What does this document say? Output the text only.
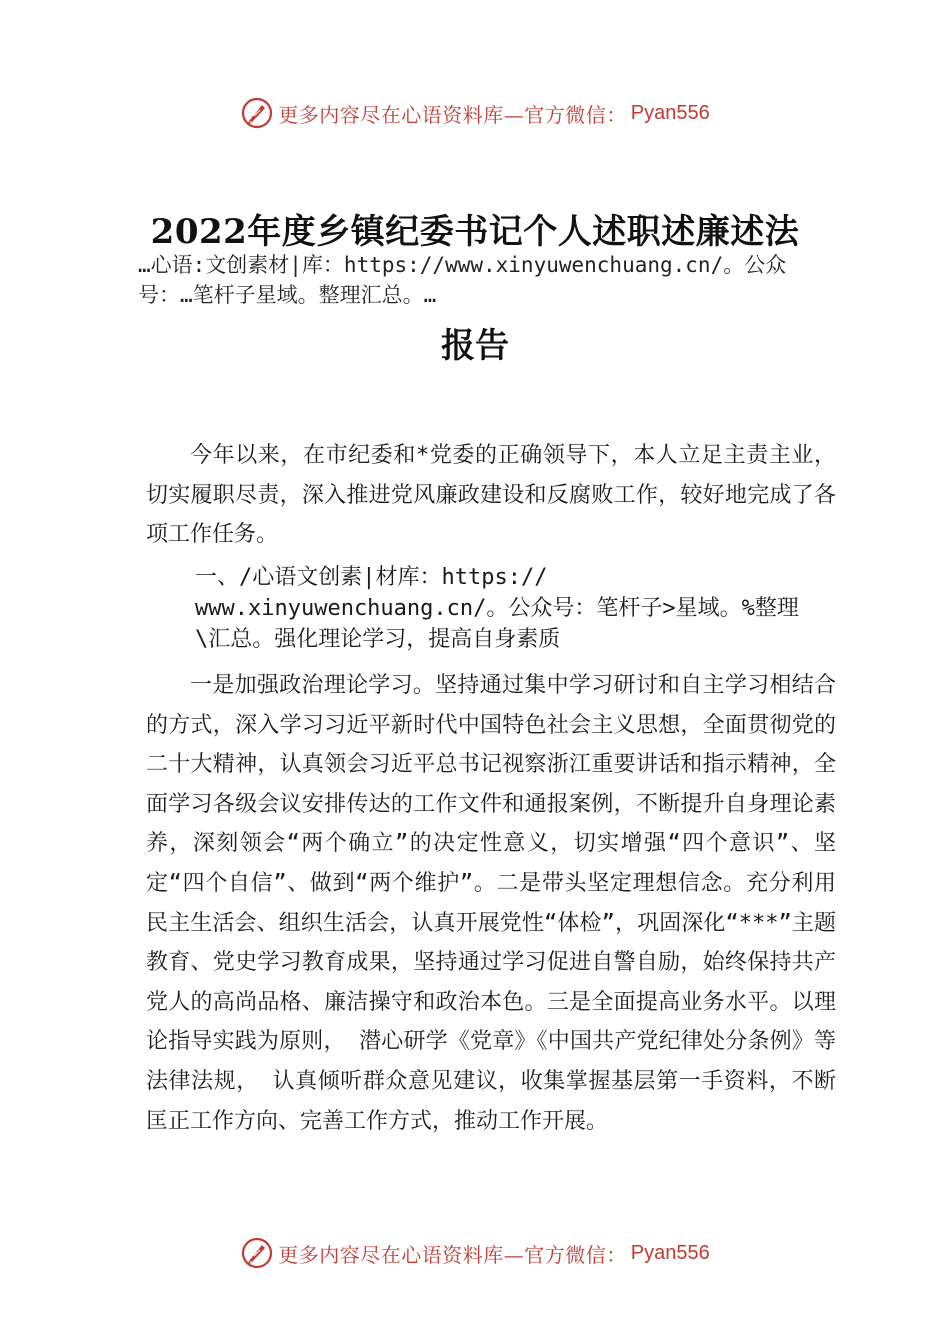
更多内容尽在心语资料库—官方微信： Pyan556
2022年度乡镇纪委书记个人述职述廉述法
…心语:文创素材|库：https://www.xinyuwenchuang.cn/。公众号：…笔杆子星域。整理汇总。…
报告

今年以来，在市纪委和*党委的正确领导下，本人立足主责主业，切实履职尽责，深入推进党风廉政建设和反腐败工作，较好地完成了各项工作任务。

一、/心语文创素|材库：https://
www.xinyuwenchuang.cn/。公众号：笔杆子>星域。%整理
\汇总。强化理论学习，提高自身素质

一是加强政治理论学习。坚持通过集中学习研讨和自主学习相结合的方式，深入学习习近平新时代中国特色社会主义思想，全面贯彻党的二十大精神，认真领会习近平总书记视察浙江重要讲话和指示精神，全面学习各级会议安排传达的工作文件和通报案例，不断提升自身理论素养，深刻领会“两个确立”的决定性意义，切实增强“四个意识”、坚定“四个自信”、做到“两个维护”。二是带头坚定理想信念。充分利用民主生活会、组织生活会，认真开展党性“体检”，巩固深化“***”主题教育、党史学习教育成果，坚持通过学习促进自警自励，始终保持共产党人的高尚品格、廉洁操守和政治本色。三是全面提高业务水平。以理论指导实践为原则， 潜心研学《党章》《中国共产党纪律处分条例》等法律法规， 认真倾听群众意见建议，收集掌握基层第一手资料，不断匡正工作方向、完善工作方式，推动工作开展。

更多内容尽在心语资料库—官方微信： Pyan556
